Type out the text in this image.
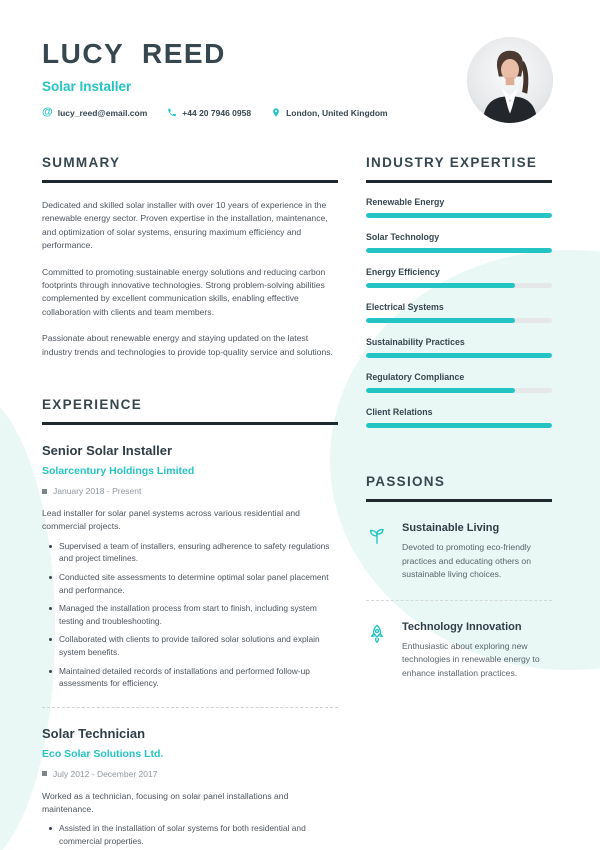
LUCY REED
Solar Installer
@ lucy_reed@email.com	+44 20 7946 0958	London, United Kingdom
SUMMARY

Dedicated and skilled solar installer with over 10 years of experience in the renewable energy sector. Proven expertise in the installation, maintenance, and optimization of solar systems, ensuring maximum efficiency and performance.

Committed to promoting sustainable energy solutions and reducing carbon footprints through innovative technologies. Strong problem-solving abilities complemented by excellent communication skills, enabling effective collaboration with clients and team members.

Passionate about renewable energy and staying updated on the latest industry trends and technologies to provide top-quality service and solutions.

EXPERIENCE
Senior Solar Installer
Solarcentury Holdings Limited
January 2018 - Present
Lead installer for solar panel systems across various residential and commercial projects.
Supervised a team of installers, ensuring adherence to safety regulations and project timelines.
Conducted site assessments to determine optimal solar panel placement and performance.
Managed the installation process from start to finish, including system testing and troubleshooting.
Collaborated with clients to provide tailored solar solutions and explain system benefits.
Maintained detailed records of installations and performed follow-up assessments for efficiency.
Solar Technician
Eco Solar Solutions Ltd.
July 2012 - December 2017
Worked as a technician, focusing on solar panel installations and maintenance.
Assisted in the installation of solar systems for both residential and commercial properties.
INDUSTRY EXPERTISE
Renewable Energy
Solar Technology
Energy Efficiency
Electrical Systems
Sustainability Practices
Regulatory Compliance
Client Relations
PASSIONS
Sustainable Living
Devoted to promoting eco-friendly practices and educating others on sustainable living choices.
Technology Innovation
Enthusiastic about exploring new technologies in renewable energy to enhance installation practices.
